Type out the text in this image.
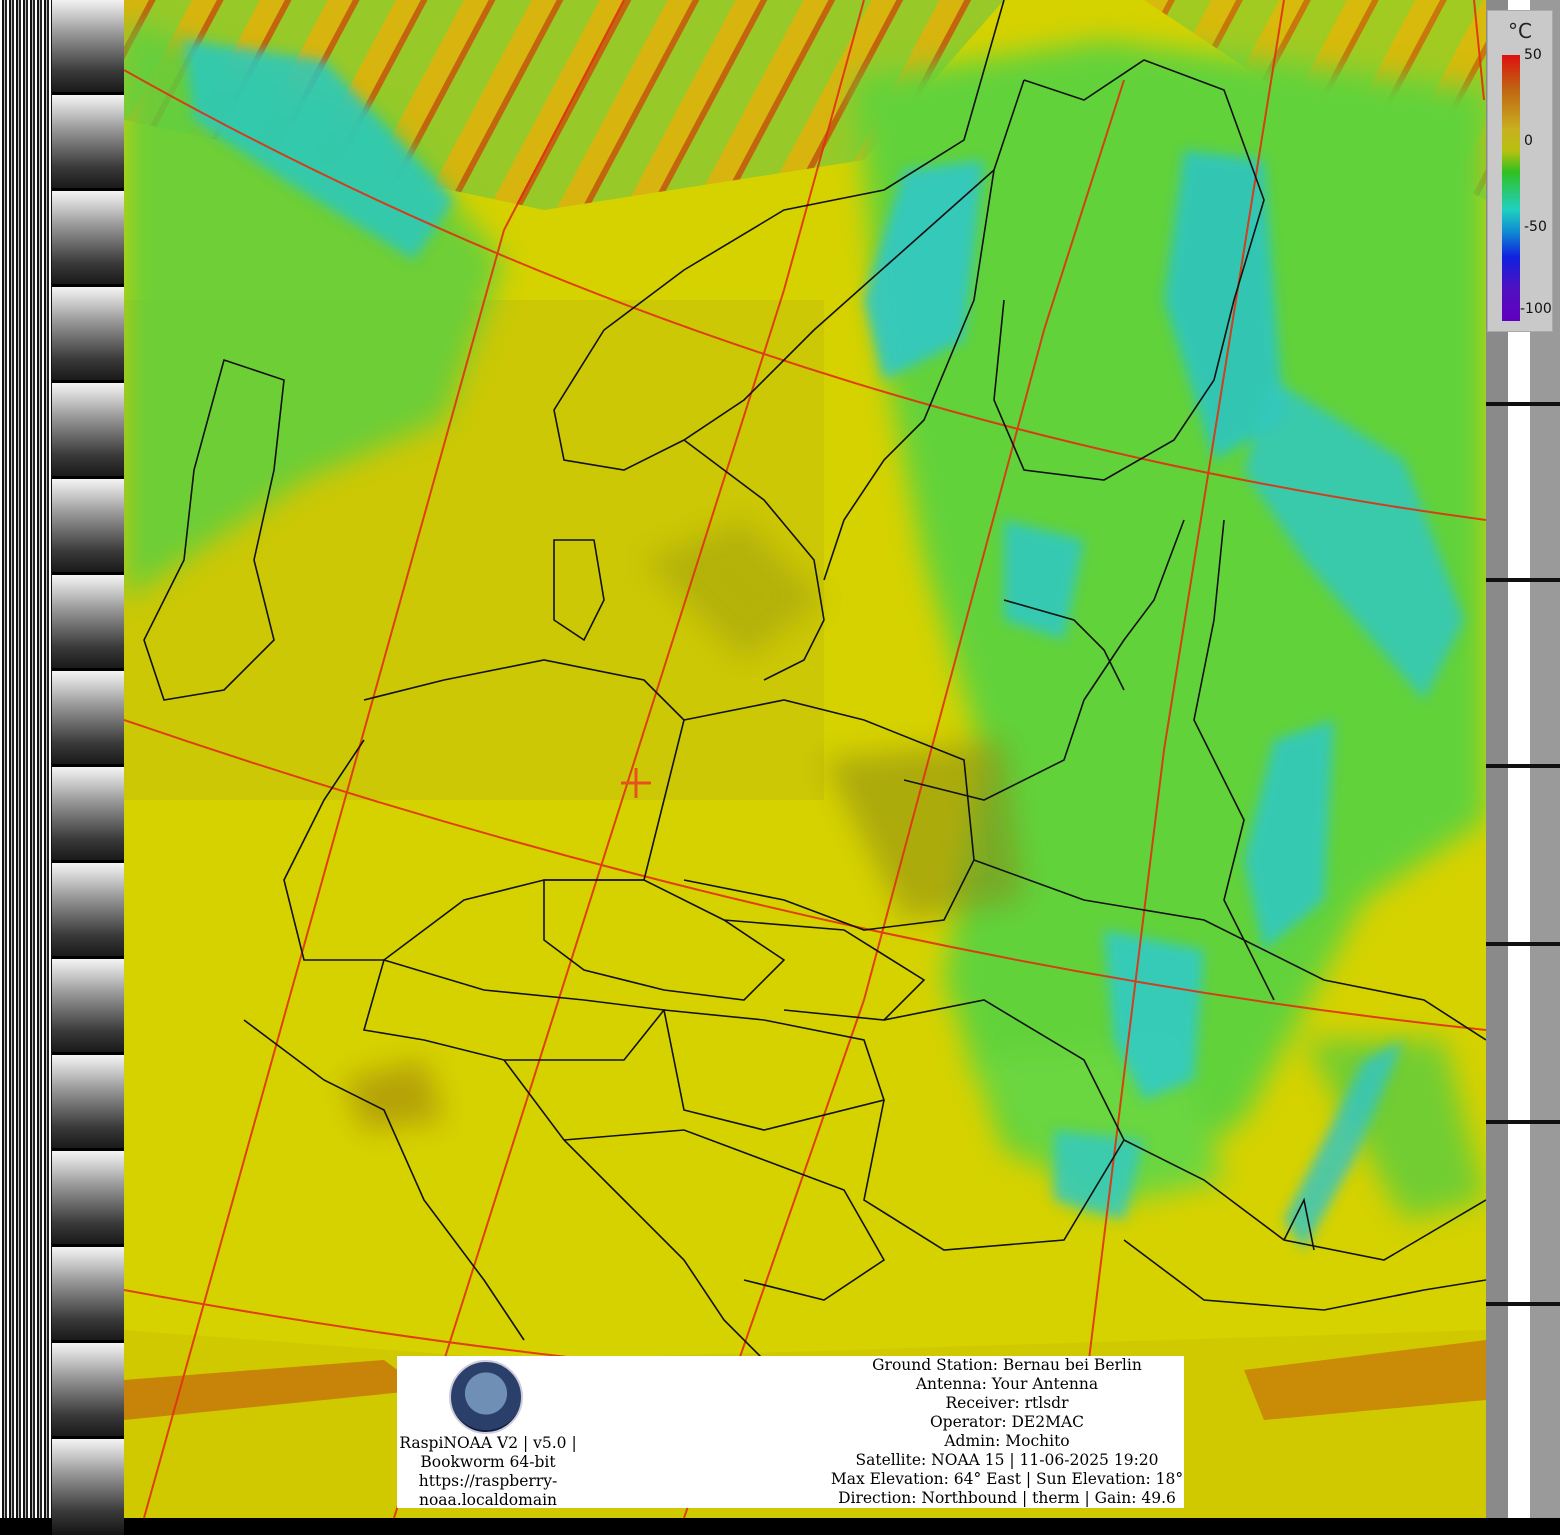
°C
50
0
-50
-100
RaspiNOAA V2 | v5.0 |
Bookworm 64-bit
https://raspberry-
noaa.localdomain
Ground Station: Bernau bei Berlin
Antenna: Your Antenna
Receiver: rtlsdr
Operator: DE2MAC
Admin: Mochito
Satellite: NOAA 15 | 11-06-2025 19:20
Max Elevation: 64° East | Sun Elevation: 18°
Direction: Northbound | therm | Gain: 49.6
